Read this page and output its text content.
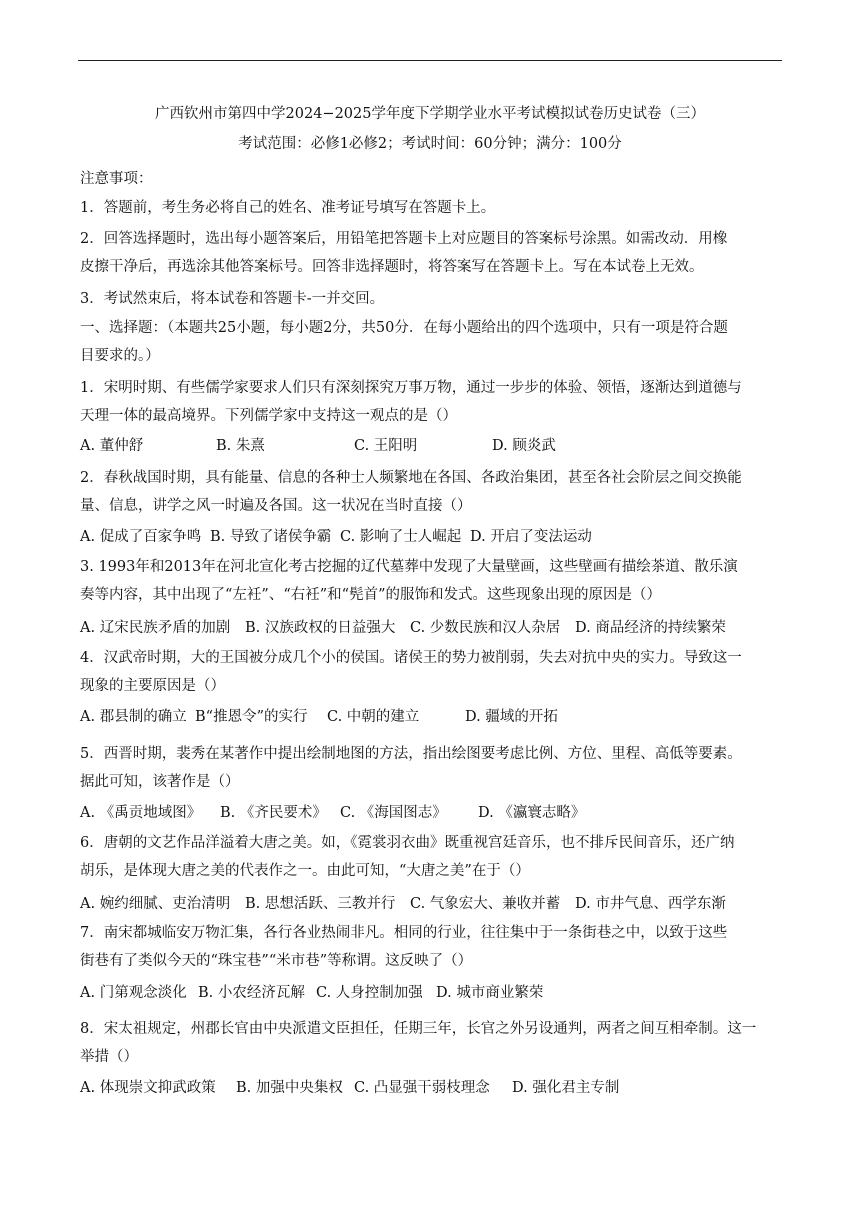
广西钦州市第四中学2024−2025学年度下学期学业水平考试模拟试卷历史试卷（三）
考试范围：必修1必修2；考试时间：60分钟；满分：100分
注意事项：
1．答题前，考生务必将自己的姓名、准考证号填写在答题卡上。
2．回答选择题时，选出每小题答案后，用铅笔把答题卡上对应题目的答案标号涂黑。如需改动．用橡
皮擦干净后，再选涂其他答案标号。回答非选择题时，将答案写在答题卡上。写在本试卷上无效。
3．考试然束后，将本试卷和答题卡-一并交回。
一、选择题：（本题共25小题，每小题2分，共50分．在每小题给出的四个选项中，只有一项是符合题
目要求的。）
1．宋明时期、有些儒学家要求人们只有深刻探究万事万物，通过一步步的体验、领悟，逐渐达到道德与
天理一体的最高境界。下列儒学家中支持这一观点的是（）
A. 董仲舒	B. 朱熹	C. 王阳明	D. 顾炎武
2．春秋战国时期，具有能量、信息的各种士人频繁地在各国、各政治集团，甚至各社会阶层之间交换能
量、信息，讲学之风一时遍及各国。这一状况在当时直接（）
A. 促成了百家争鸣 B. 导致了诸侯争霸 C. 影响了士人崛起 D. 开启了变法运动
3. 1993年和2013年在河北宣化考古挖掘的辽代墓葬中发现了大量壁画，这些壁画有描绘茶道、散乐演
奏等内容，其中出现了“左衽”、“右衽”和“髡首”的服饰和发式。这些现象出现的原因是（）
A. 辽宋民族矛盾的加剧 B. 汉族政权的日益强大 C. 少数民族和汉人杂居 D. 商品经济的持续繁荣
4．汉武帝时期，大的王国被分成几个小的侯国。诸侯王的势力被削弱，失去对抗中央的实力。导致这一
现象的主要原因是（）
A. 郡县制的确立 B“推恩令”的实行 C. 中朝的建立	D. 疆域的开拓
5．西晋时期，裴秀在某著作中提出绘制地图的方法，指出绘图要考虑比例、方位、里程、高低等要素。
据此可知，该著作是（）
A. 《禹贡地域图》 B. 《齐民要术》 C. 《海国图志》 D. 《瀛寰志略》
6．唐朝的文艺作品洋溢着大唐之美。如，《霓裳羽衣曲》既重视宫廷音乐，也不排斥民间音乐，还广纳
胡乐，是体现大唐之美的代表作之一。由此可知，“大唐之美”在于（）
A. 婉约细腻、吏治清明 B. 思想活跃、三教并行 C. 气象宏大、兼收并蓄 D. 市井气息、西学东渐
7．南宋都城临安万物汇集，各行各业热闹非凡。相同的行业，往往集中于一条街巷之中，以致于这些
街巷有了类似今天的“珠宝巷”“米市巷”等称谓。这反映了（）
A. 门第观念淡化 B. 小农经济瓦解 C. 人身控制加强 D. 城市商业繁荣
8．宋太祖规定，州郡长官由中央派遣文臣担任，任期三年，长官之外另设通判，两者之间互相牵制。这一
举措（）
A. 体现崇文抑武政策 B. 加强中央集权 C. 凸显强干弱枝理念 D. 强化君主专制
